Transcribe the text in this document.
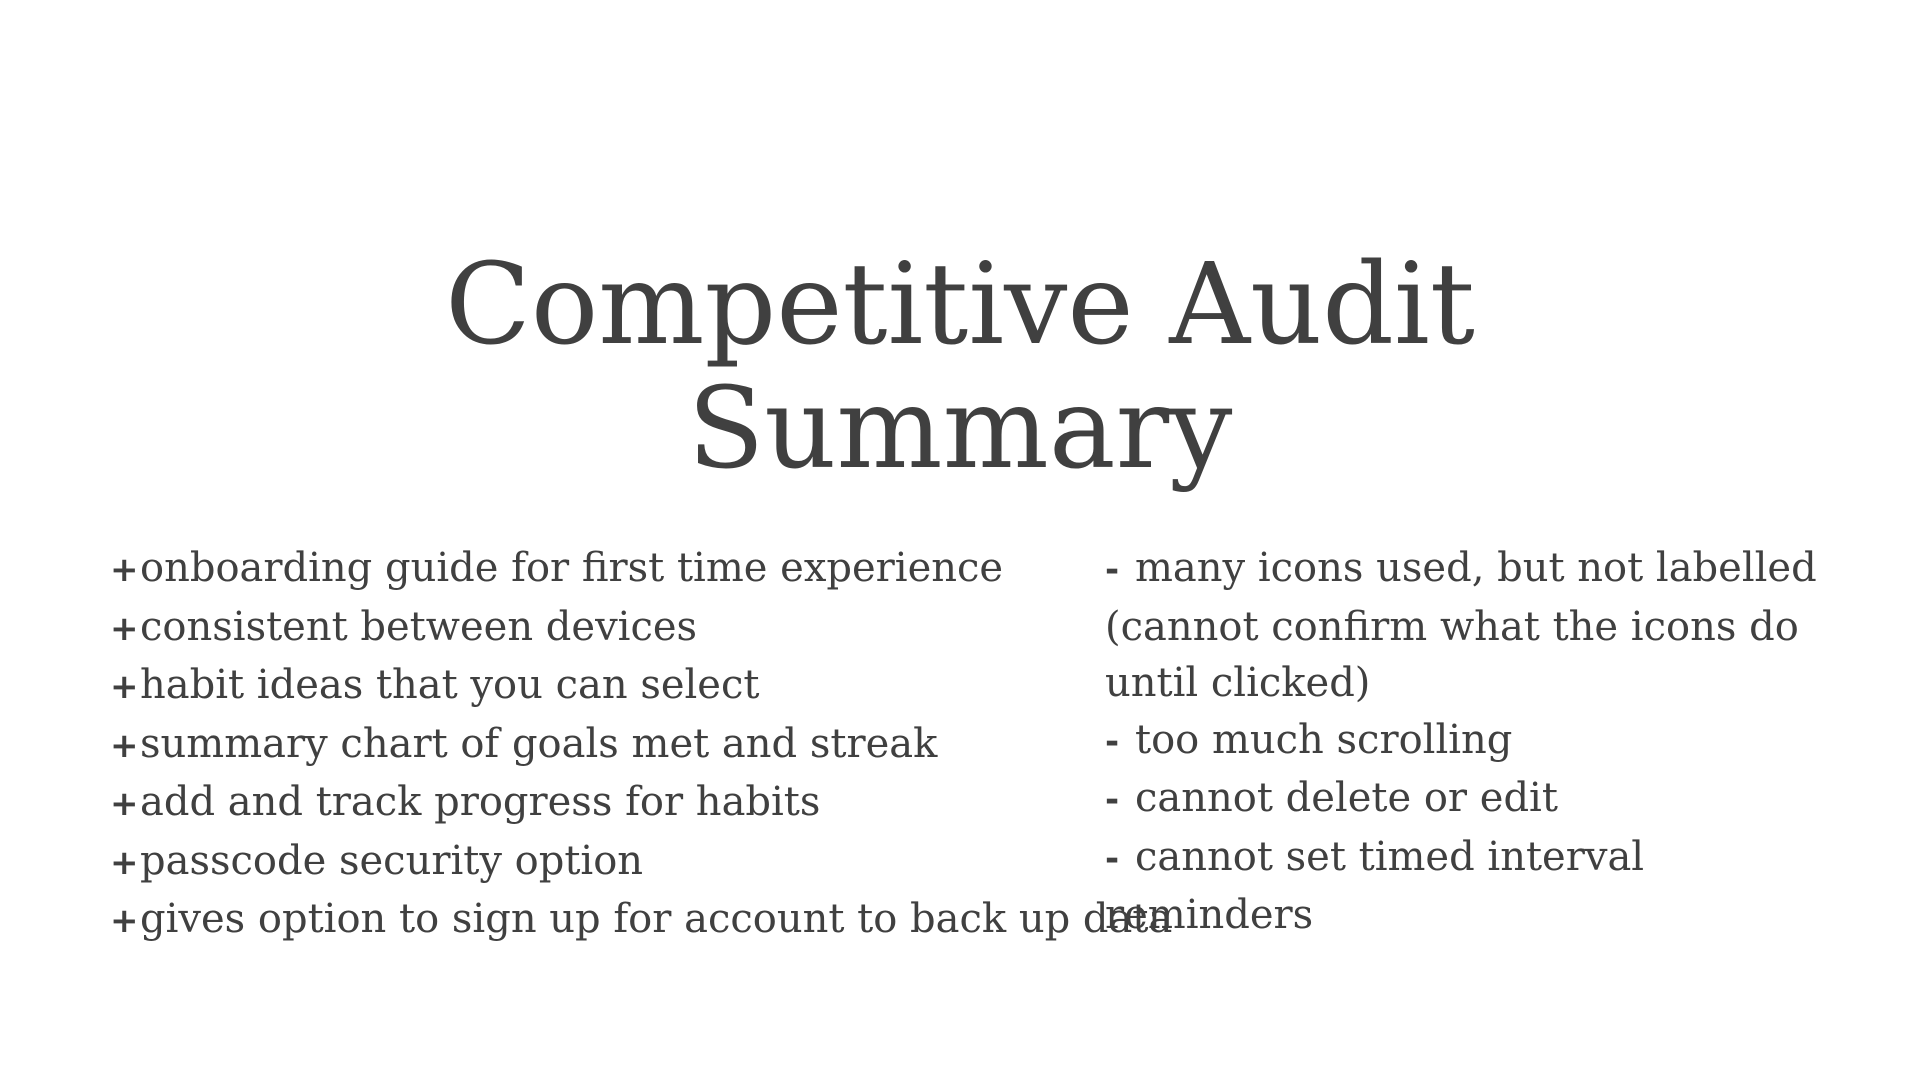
Competitive Audit
Summary
+onboarding guide for first time experience
+consistent between devices
+habit ideas that you can select
+summary chart of goals met and streak
+add and track progress for habits
+passcode security option
+gives option to sign up for account to back up data
- many icons used, but not labelled
(cannot confirm what the icons do
until clicked)
- too much scrolling
- cannot delete or edit
- cannot set timed interval reminders
